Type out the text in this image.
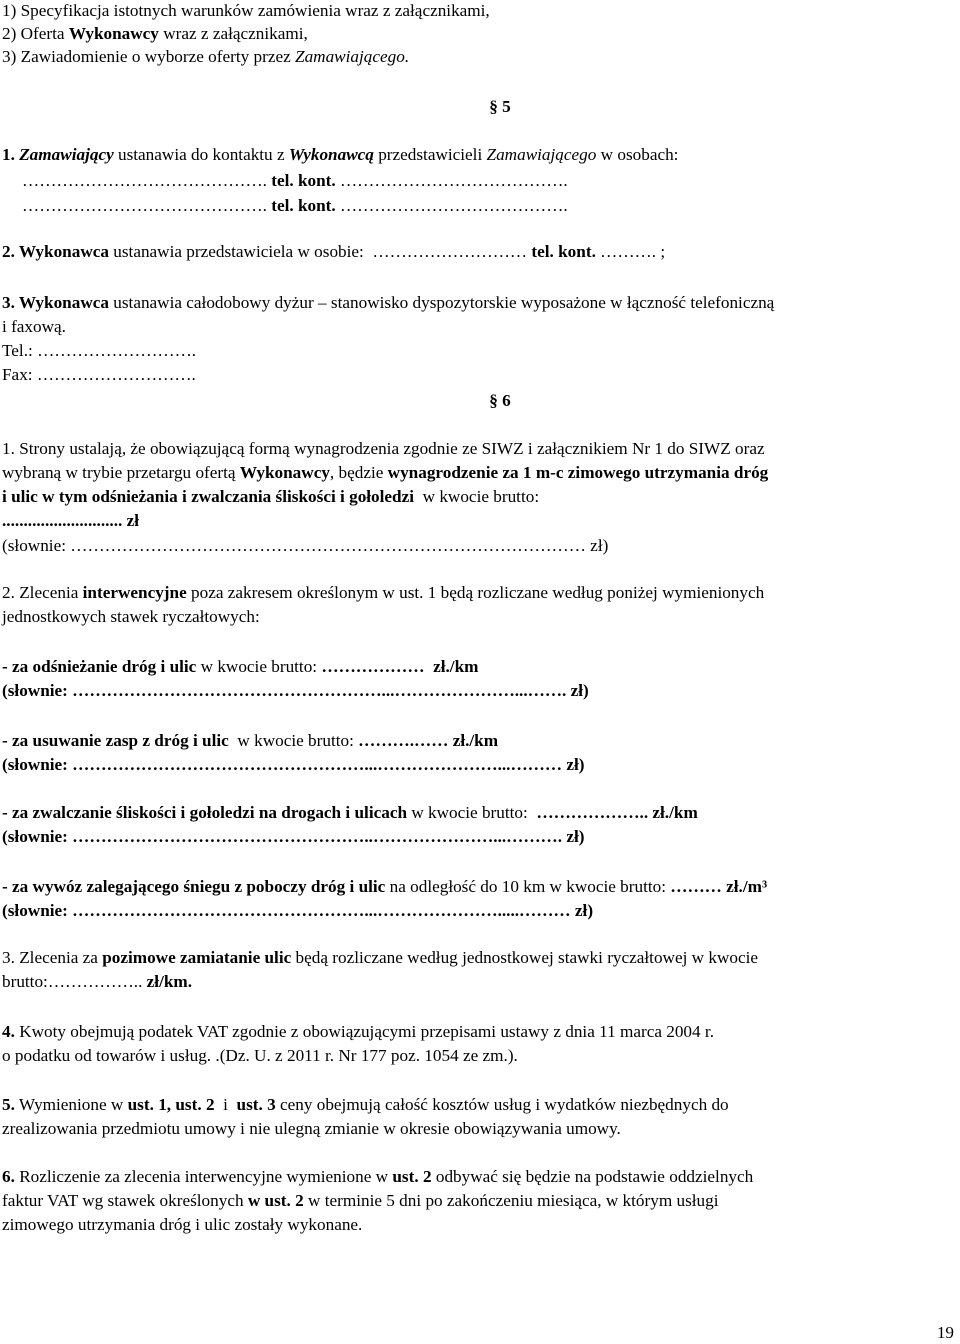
1) Specyfikacja istotnych warunków zamówienia wraz z załącznikami,
2) Oferta Wykonawcy wraz z załącznikami,
3) Zawiadomienie o wyborze oferty przez Zamawiającego.
§ 5
1. Zamawiający ustanawia do kontaktu z Wykonawcą przedstawicieli Zamawiającego w osobach:
……………………………………. tel. kont. ………………………………….
……………………………………. tel. kont. ………………………………….
2. Wykonawca ustanawia przedstawiciela w osobie:  ……………………… tel. kont. ………. ;
3. Wykonawca ustanawia całodobowy dyżur – stanowisko dyspozytorskie wyposażone w łączność telefoniczną
i faxową.
Tel.: ……………………….
Fax: ……………………….
§ 6
1. Strony ustalają, że obowiązującą formą wynagrodzenia zgodnie ze SIWZ i załącznikiem Nr 1 do SIWZ oraz
wybraną w trybie przetargu ofertą Wykonawcy, będzie wynagrodzenie za 1 m-c zimowego utrzymania dróg
i ulic w tym odśnieżania i zwalczania śliskości i gołoledzi  w kwocie brutto:
............................ zł
(słownie: ……………………………………………………………………………… zł)
2. Zlecenia interwencyjne poza zakresem określonym w ust. 1 będą rozliczane według poniżej wymienionych
jednostkowych stawek ryczałtowych:
- za odśnieżanie dróg i ulic w kwocie brutto: ………………  zł./km
(słownie: ………………………………………………...…………………...……. zł)
- za usuwanie zasp z dróg i ulic  w kwocie brutto: ……….…… zł./km
(słownie: ……………………………………………...…………………...……… zł)
- za zwalczanie śliskości i gołoledzi na drogach i ulicach w kwocie brutto:  ……………….. zł./km
(słownie: ……………………………………………..…………………...………. zł)
- za wywóz zalegającego śniegu z poboczy dróg i ulic na odległość do 10 km w kwocie brutto: ……… zł./m³
(słownie: ……………………………………………...………………….....……… zł)
3. Zlecenia za pozimowe zamiatanie ulic będą rozliczane według jednostkowej stawki ryczałtowej w kwocie
brutto:…………….. zł/km.
4. Kwoty obejmują podatek VAT zgodnie z obowiązującymi przepisami ustawy z dnia 11 marca 2004 r.
o podatku od towarów i usług. .(Dz. U. z 2011 r. Nr 177 poz. 1054 ze zm.).
5. Wymienione w ust. 1, ust. 2  i  ust. 3 ceny obejmują całość kosztów usług i wydatków niezbędnych do
zrealizowania przedmiotu umowy i nie ulegną zmianie w okresie obowiązywania umowy.
6. Rozliczenie za zlecenia interwencyjne wymienione w ust. 2 odbywać się będzie na podstawie oddzielnych
faktur VAT wg stawek określonych w ust. 2 w terminie 5 dni po zakończeniu miesiąca, w którym usługi
zimowego utrzymania dróg i ulic zostały wykonane.
19
